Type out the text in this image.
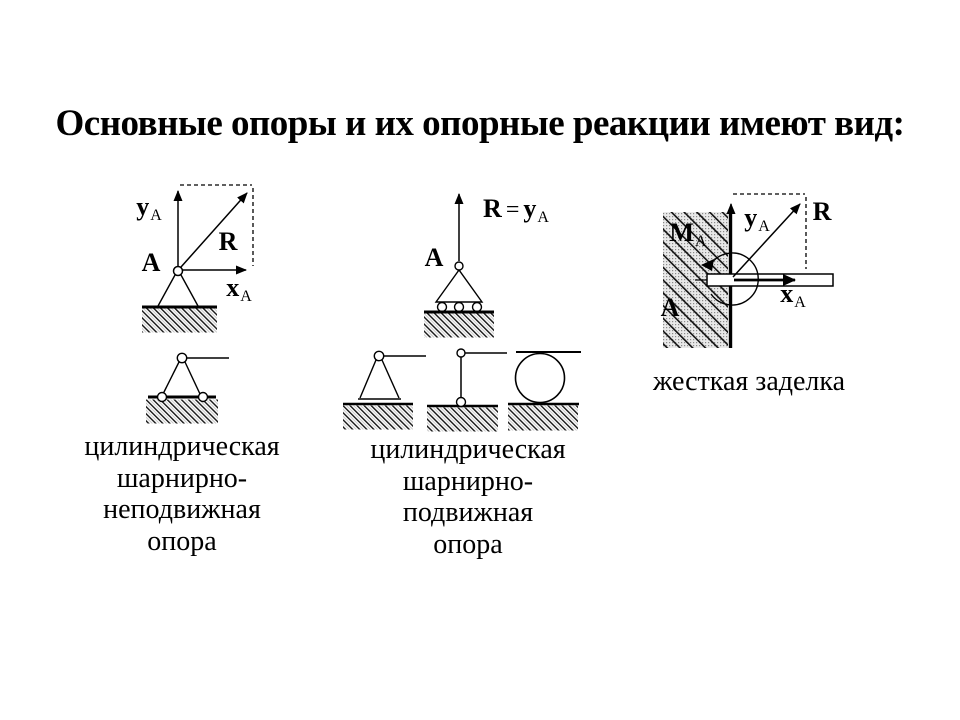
Основные опоры и их опорные реакции имеют вид:
yA
A
R
xA
A
R = yA
MA
yA
R
xA
A
цилиндрическая
шарнирно-
неподвижная
опора
цилиндрическая
шарнирно-
подвижная
опора
жесткая заделка
